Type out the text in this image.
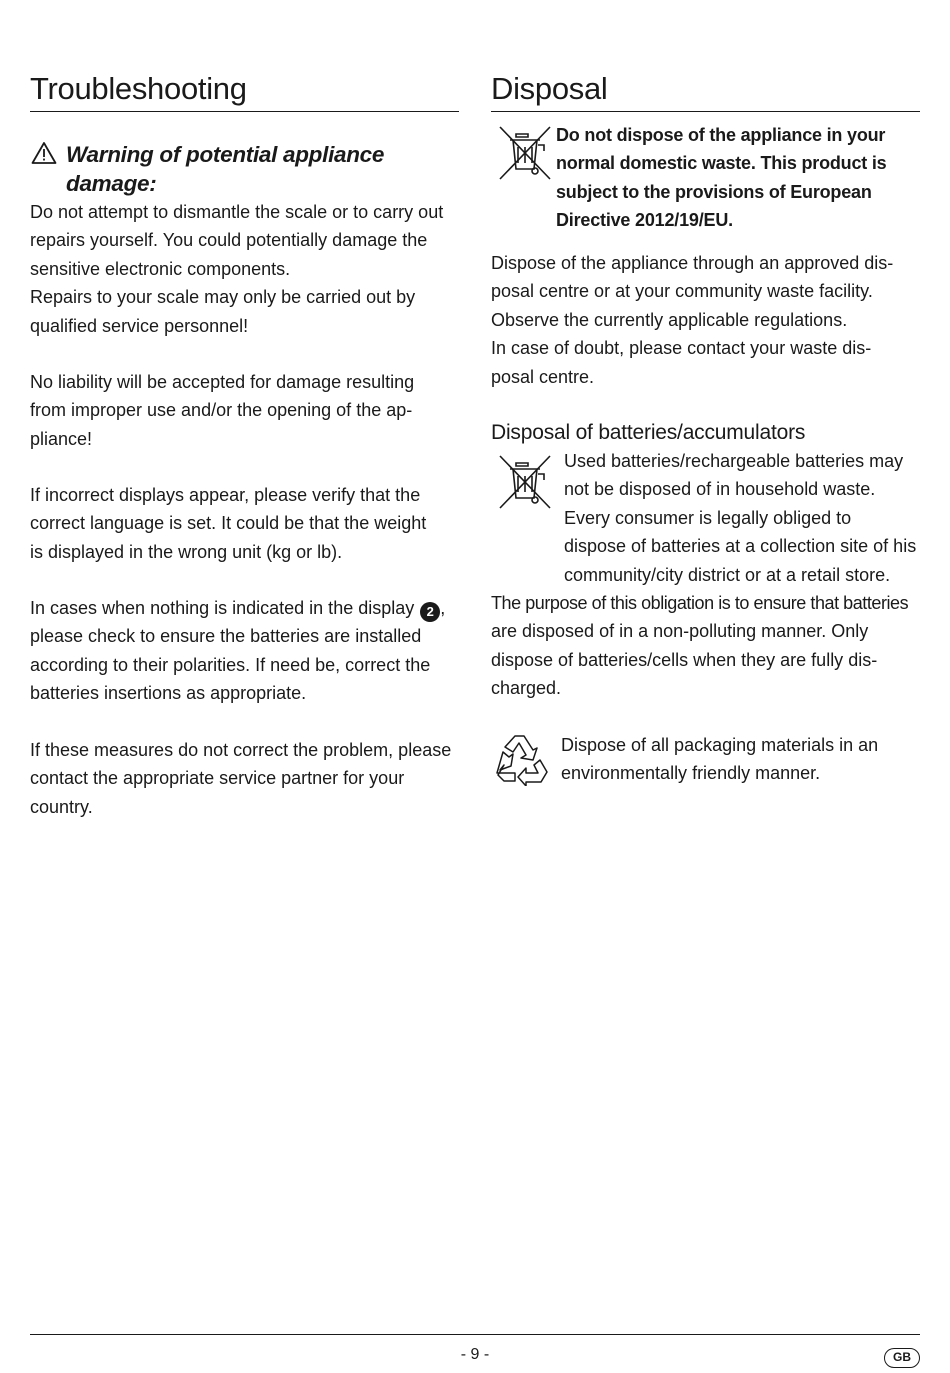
Troubleshooting
Warning of potential appliance
damage:
Do not attempt to dismantle the scale or to carry out
repairs yourself. You could potentially damage the
sensitive electronic components.
Repairs to your scale may only be carried out by
qualified service personnel!
No liability will be accepted for damage resulting
from improper use and/or the opening of the ap-
pliance!
If incorrect displays appear, please verify that the
correct language is set. It could be that the weight
is displayed in the wrong unit (kg or lb).
In cases when nothing is indicated in the display 2 ,
please check to ensure the batteries are installed
according to their polarities. If need be, correct the
batteries insertions as appropriate.
If these measures do not correct the problem, please
contact the appropriate service partner for your
country.
Disposal

Do not dispose of the appliance in your

normal domestic waste. This product is

subject to the provisions of European

Directive 2012/19/EU.

Dispose of the appliance through an approved dis-
posal centre or at your community waste facility.
Observe the currently applicable regulations.
In case of doubt, please contact your waste dis-
posal centre.
Disposal of batteries/accumulators
Used batteries/rechargeable batteries may
not be disposed of in household waste.
Every consumer is legally obliged to
dispose of batteries at a collection site of his
community/city district or at a retail store.
The purpose of this obligation is to ensure that batteries
are disposed of in a non-polluting manner. Only
dispose of batteries/cells when they are fully dis-
charged.
Dispose of all packaging materials in an
environmentally friendly manner.
- 9 -	GB
